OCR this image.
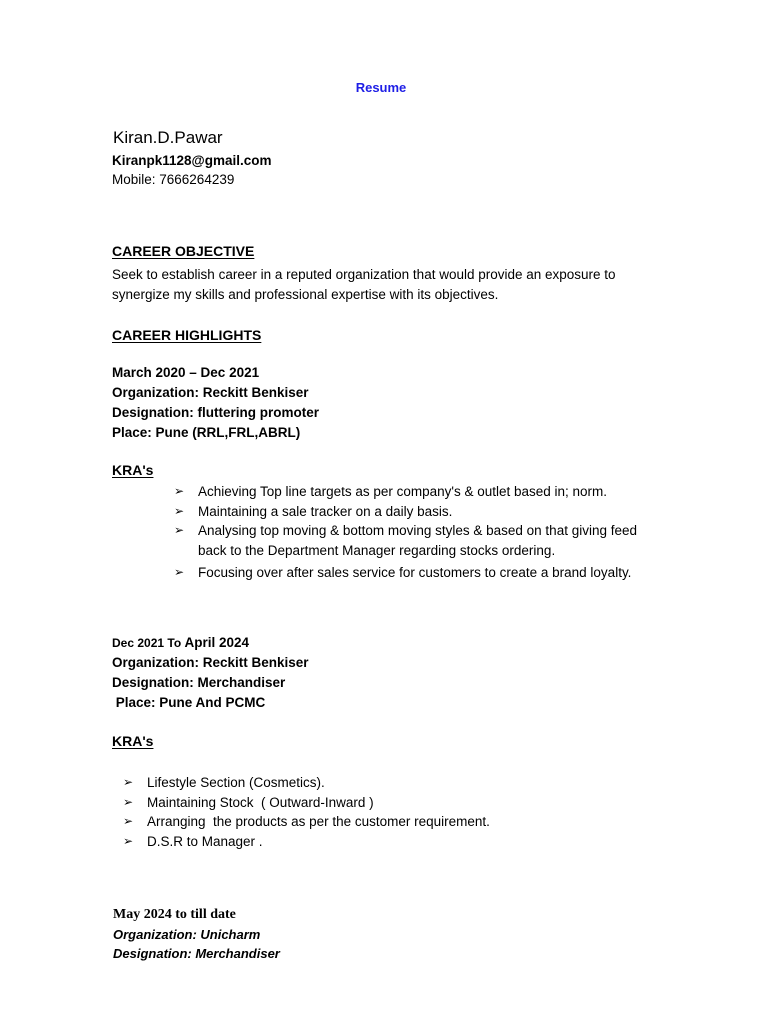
Resume
Kiran.D.Pawar
Kiranpk1128@gmail.com
Mobile: 7666264239
CAREER OBJECTIVE
Seek to establish career in a reputed organization that would provide an exposure to
synergize my skills and professional expertise with its objectives.
CAREER HIGHLIGHTS
March 2020 – Dec 2021
Organization: Reckitt Benkiser
Designation: fluttering promoter
Place: Pune (RRL,FRL,ABRL)
KRA's
➢ Achieving Top line targets as per company's & outlet based in; norm.
➢ Maintaining a sale tracker on a daily basis.
➢ Analysing top moving & bottom moving styles & based on that giving feed
back to the Department Manager regarding stocks ordering.
➢ Focusing over after sales service for customers to create a brand loyalty.
Dec 2021 To April 2024
Organization: Reckitt Benkiser
Designation: Merchandiser
Place: Pune And PCMC
KRA's
➢ Lifestyle Section (Cosmetics).
➢ Maintaining Stock  ( Outward-Inward )
➢ Arranging  the products as per the customer requirement.
➢ D.S.R to Manager .
May 2024 to till date
Organization: Unicharm
Designation: Merchandiser
